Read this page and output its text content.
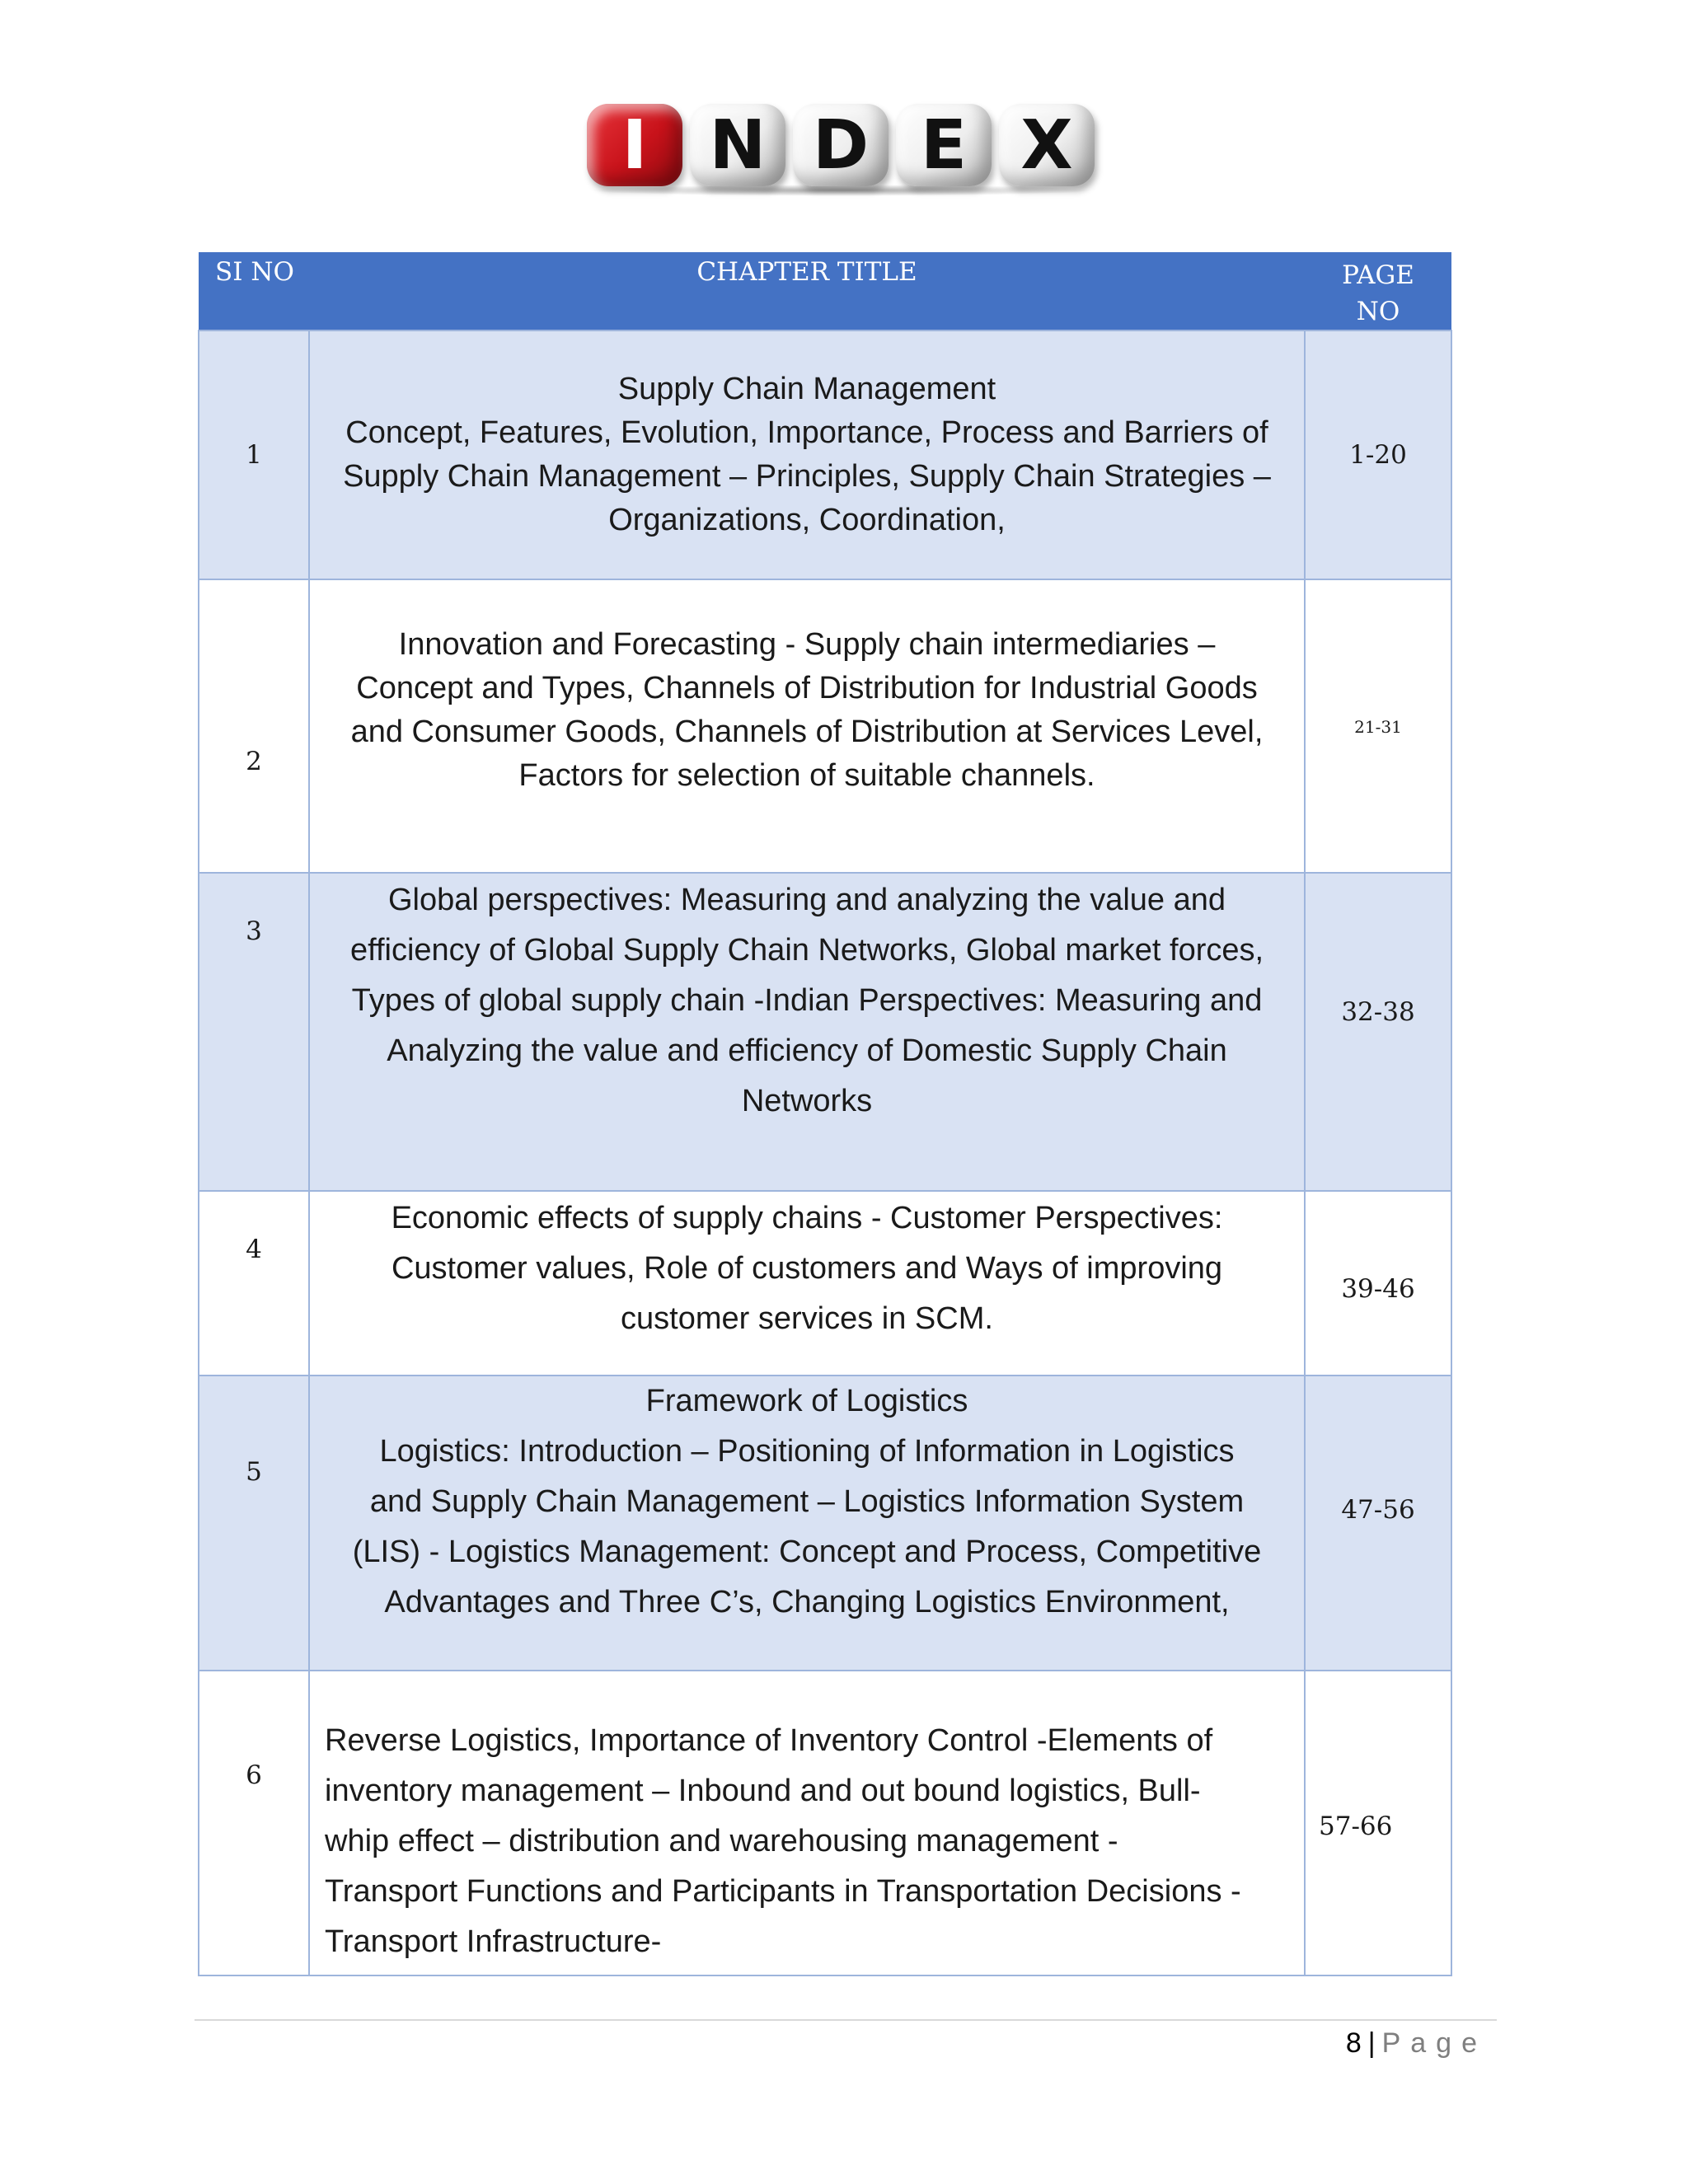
I N D E X
SI NO	CHAPTER TITLE	PAGE
NO
1	Supply Chain Management
Concept, Features, Evolution, Importance, Process and Barriers of
Supply Chain Management – Principles, Supply Chain Strategies –
Organizations, Coordination,	1-20
2	Innovation and Forecasting - Supply chain intermediaries –
Concept and Types, Channels of Distribution for Industrial Goods
and Consumer Goods, Channels of Distribution at Services Level,
Factors for selection of suitable channels.	21-31
3	Global perspectives: Measuring and analyzing the value and
efficiency of Global Supply Chain Networks, Global market forces,
Types of global supply chain -Indian Perspectives: Measuring and
Analyzing the value and efficiency of Domestic Supply Chain
Networks	32-38
4	Economic effects of supply chains - Customer Perspectives:
Customer values, Role of customers and Ways of improving
customer services in SCM.	39-46
5	Framework of Logistics
Logistics: Introduction – Positioning of Information in Logistics
and Supply Chain Management – Logistics Information System
(LIS) - Logistics Management: Concept and Process, Competitive
Advantages and Three C’s, Changing Logistics Environment,	47-56
6	Reverse Logistics, Importance of Inventory Control -Elements of
inventory management – Inbound and out bound logistics, Bull-
whip effect – distribution and warehousing management -
Transport Functions and Participants in Transportation Decisions -
Transport Infrastructure-	57-66
8 | Page
